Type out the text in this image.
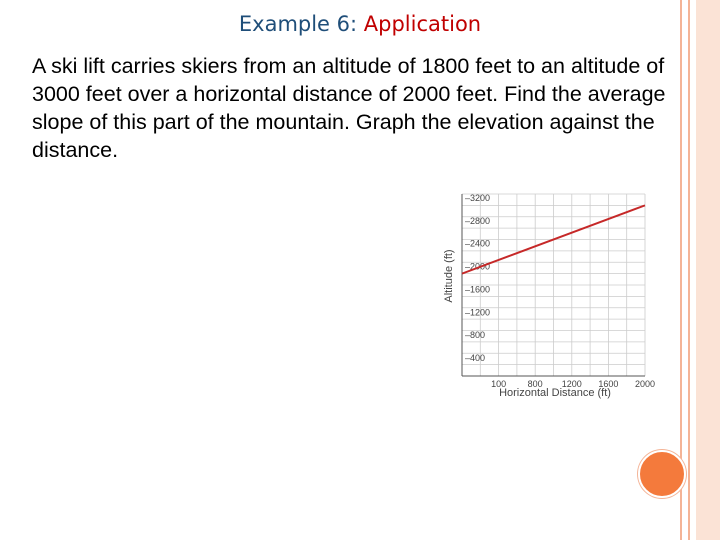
Example 6: Application
A ski lift carries skiers from an altitude of 1800 feet to an altitude of 3000 feet over a horizontal distance of 2000 feet. Find the average slope of this part of the mountain. Graph the elevation against the distance.
–3200
–2800
–2400
–2000
–1600
–1200
–800
–400
100 800 1200 1600 2000
Altitude (ft)
Horizontal Distance (ft)
